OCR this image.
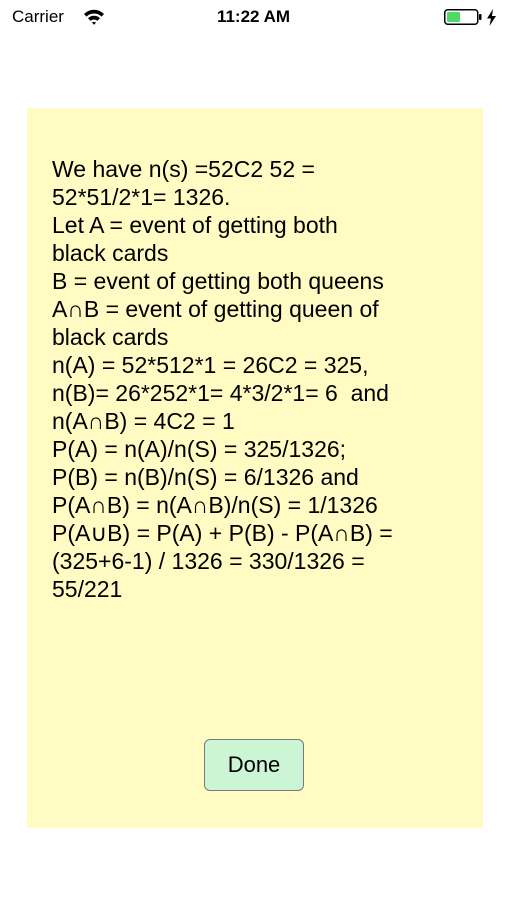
Carrier	11:22 AM
We have n(s) =52C2 52 =
52*51/2*1= 1326.
Let A = event of getting both
black cards
B = event of getting both queens
A∩B = event of getting queen of
black cards
n(A) = 52*512*1 = 26C2 = 325,
n(B)= 26*252*1= 4*3/2*1= 6  and
n(A∩B) = 4C2 = 1
P(A) = n(A)/n(S) = 325/1326;
P(B) = n(B)/n(S) = 6/1326 and
P(A∩B) = n(A∩B)/n(S) = 1/1326
P(A∪B) = P(A) + P(B) - P(A∩B) =
(325+6-1) / 1326 = 330/1326 =
55/221
Done
